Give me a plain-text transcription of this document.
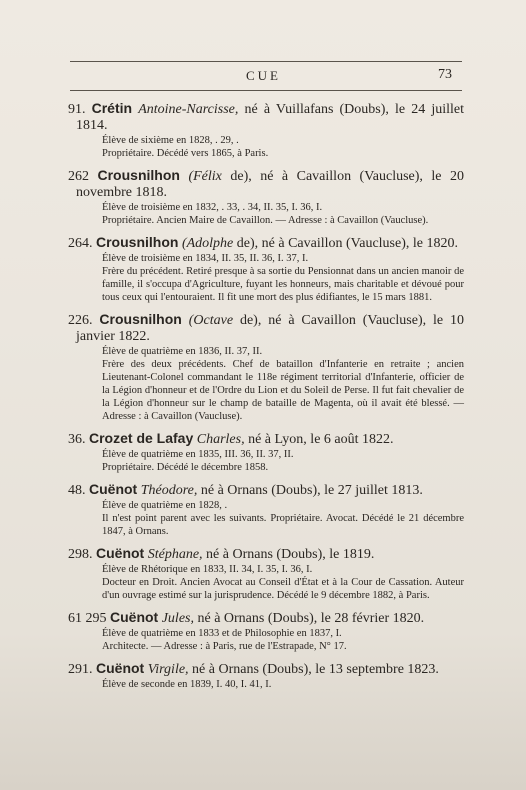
CUE	73
91. Crétin Antoine-Narcisse, né à Vuillafans (Doubs), le 24 juillet 1814.
Élève de sixième en 1828, . 29, .
Propriétaire. Décédé vers 1865, à Paris.
262 Crousnilhon (Félix de), né à Cavaillon (Vaucluse), le 20 novembre 1818.
Élève de troisième en 1832, . 33, . 34, II. 35, I. 36, I.
Propriétaire. Ancien Maire de Cavaillon. — Adresse : à Cavaillon (Vaucluse).
264. Crousnilhon (Adolphe de), né à Cavaillon (Vaucluse), le 1820.
Élève de troisième en 1834, II. 35, II. 36, I. 37, I.
Frère du précédent. Retiré presque à sa sortie du Pensionnat dans un ancien manoir de famille, il s'occupa d'Agriculture, fuyant les honneurs, mais charitable et dévoué pour tous ceux qui l'entouraient. Il fit une mort des plus édifiantes, le 15 mars 1881.
226. Crousnilhon (Octave de), né à Cavaillon (Vaucluse), le 10 janvier 1822.
Élève de quatrième en 1836, II. 37, II.
Frère des deux précédents. Chef de bataillon d'Infanterie en retraite ; ancien Lieutenant-Colonel commandant le 118e régiment territorial d'Infanterie, officier de la Légion d'honneur et de l'Ordre du Lion et du Soleil de Perse. Il fut fait chevalier de la Légion d'honneur sur le champ de bataille de Magenta, où il avait été blessé. — Adresse : à Cavaillon (Vaucluse).
36. Crozet de Lafay Charles, né à Lyon, le 6 août 1822.
Élève de quatrième en 1835, III. 36, II. 37, II.
Propriétaire. Décédé le décembre 1858.
48. Cuënot Théodore, né à Ornans (Doubs), le 27 juillet 1813.
Élève de quatrième en 1828, .
Il n'est point parent avec les suivants. Propriétaire. Avocat. Décédé le 21 décembre 1847, à Ornans.
298. Cuënot Stéphane, né à Ornans (Doubs), le 1819.
Élève de Rhétorique en 1833, II. 34, I. 35, I. 36, I.
Docteur en Droit. Ancien Avocat au Conseil d'État et à la Cour de Cassation. Auteur d'un ouvrage estimé sur la jurisprudence. Décédé le 9 décembre 1882, à Paris.
61 295 Cuënot Jules, né à Ornans (Doubs), le 28 février 1820.
Élève de quatrième en 1833 et de Philosophie en 1837, I.
Architecte. — Adresse : à Paris, rue de l'Estrapade, N° 17.
291. Cuënot Virgile, né à Ornans (Doubs), le 13 septembre 1823.
Élève de seconde en 1839, I. 40, I. 41, I.
